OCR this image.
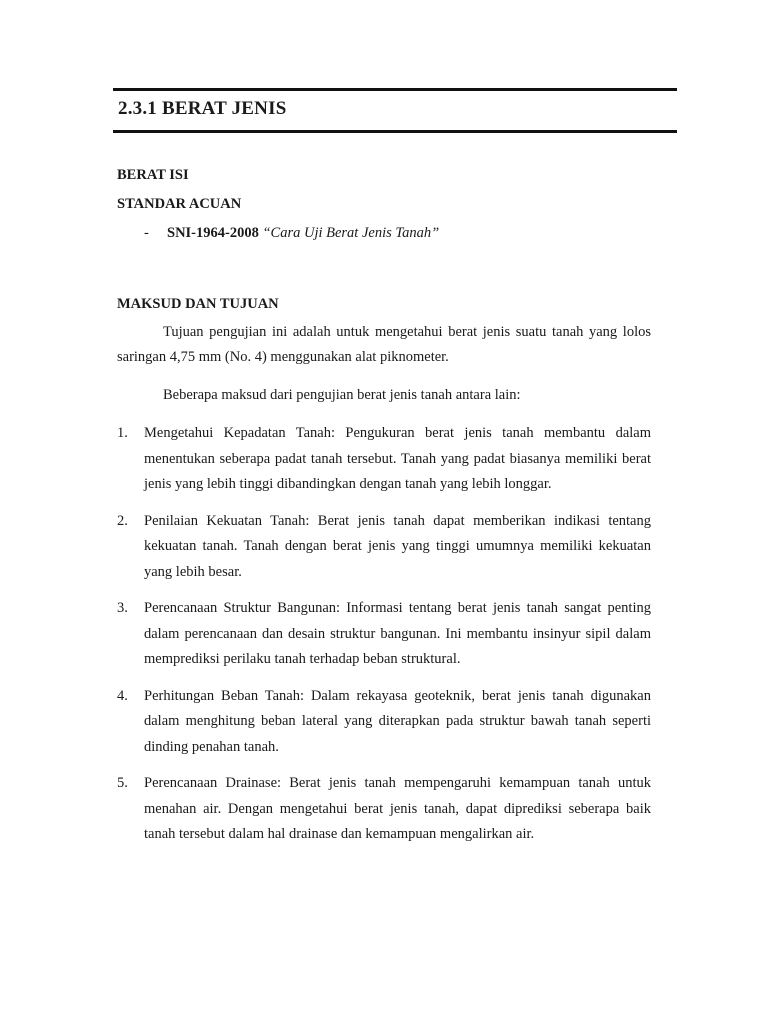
2.3.1 BERAT JENIS
BERAT ISI
STANDAR ACUAN
- SNI-1964-2008 “Cara Uji Berat Jenis Tanah”
MAKSUD DAN TUJUAN
Tujuan pengujian ini adalah untuk mengetahui berat jenis suatu tanah yang lolos saringan 4,75 mm (No. 4) menggunakan alat piknometer.
Beberapa maksud dari pengujian berat jenis tanah antara lain:
1. Mengetahui Kepadatan Tanah: Pengukuran berat jenis tanah membantu dalam menentukan seberapa padat tanah tersebut. Tanah yang padat biasanya memiliki berat jenis yang lebih tinggi dibandingkan dengan tanah yang lebih longgar.
2. Penilaian Kekuatan Tanah: Berat jenis tanah dapat memberikan indikasi tentang kekuatan tanah. Tanah dengan berat jenis yang tinggi umumnya memiliki kekuatan yang lebih besar.
3. Perencanaan Struktur Bangunan: Informasi tentang berat jenis tanah sangat penting dalam perencanaan dan desain struktur bangunan. Ini membantu insinyur sipil dalam memprediksi perilaku tanah terhadap beban struktural.
4. Perhitungan Beban Tanah: Dalam rekayasa geoteknik, berat jenis tanah digunakan dalam menghitung beban lateral yang diterapkan pada struktur bawah tanah seperti dinding penahan tanah.
5. Perencanaan Drainase: Berat jenis tanah mempengaruhi kemampuan tanah untuk menahan air. Dengan mengetahui berat jenis tanah, dapat diprediksi seberapa baik tanah tersebut dalam hal drainase dan kemampuan mengalirkan air.
